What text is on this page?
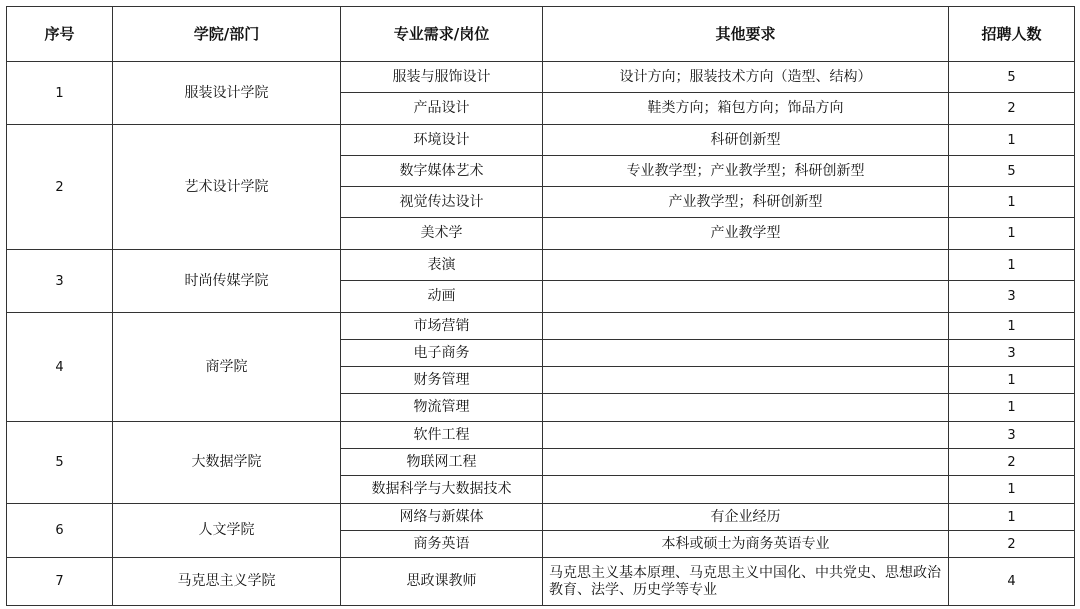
序号	学院/部门	专业需求/岗位	其他要求	招聘人数
1	服装设计学院	服装与服饰设计	设计方向；服装技术方向（造型、结构）	5
		产品设计	鞋类方向；箱包方向；饰品方向	2
2	艺术设计学院	环境设计	科研创新型	1
		数字媒体艺术	专业教学型；产业教学型；科研创新型	5
		视觉传达设计	产业教学型；科研创新型	1
		美术学	产业教学型	1
3	时尚传媒学院	表演		1
		动画		3
4	商学院	市场营销		1
		电子商务		3
		财务管理		1
		物流管理		1
5	大数据学院	软件工程		3
		物联网工程		2
		数据科学与大数据技术		1
6	人文学院	网络与新媒体	有企业经历	1
		商务英语	本科或硕士为商务英语专业	2
7	马克思主义学院	思政课教师	马克思主义基本原理、马克思主义中国化、中共党史、思想政治教育、法学、历史学等专业	4
